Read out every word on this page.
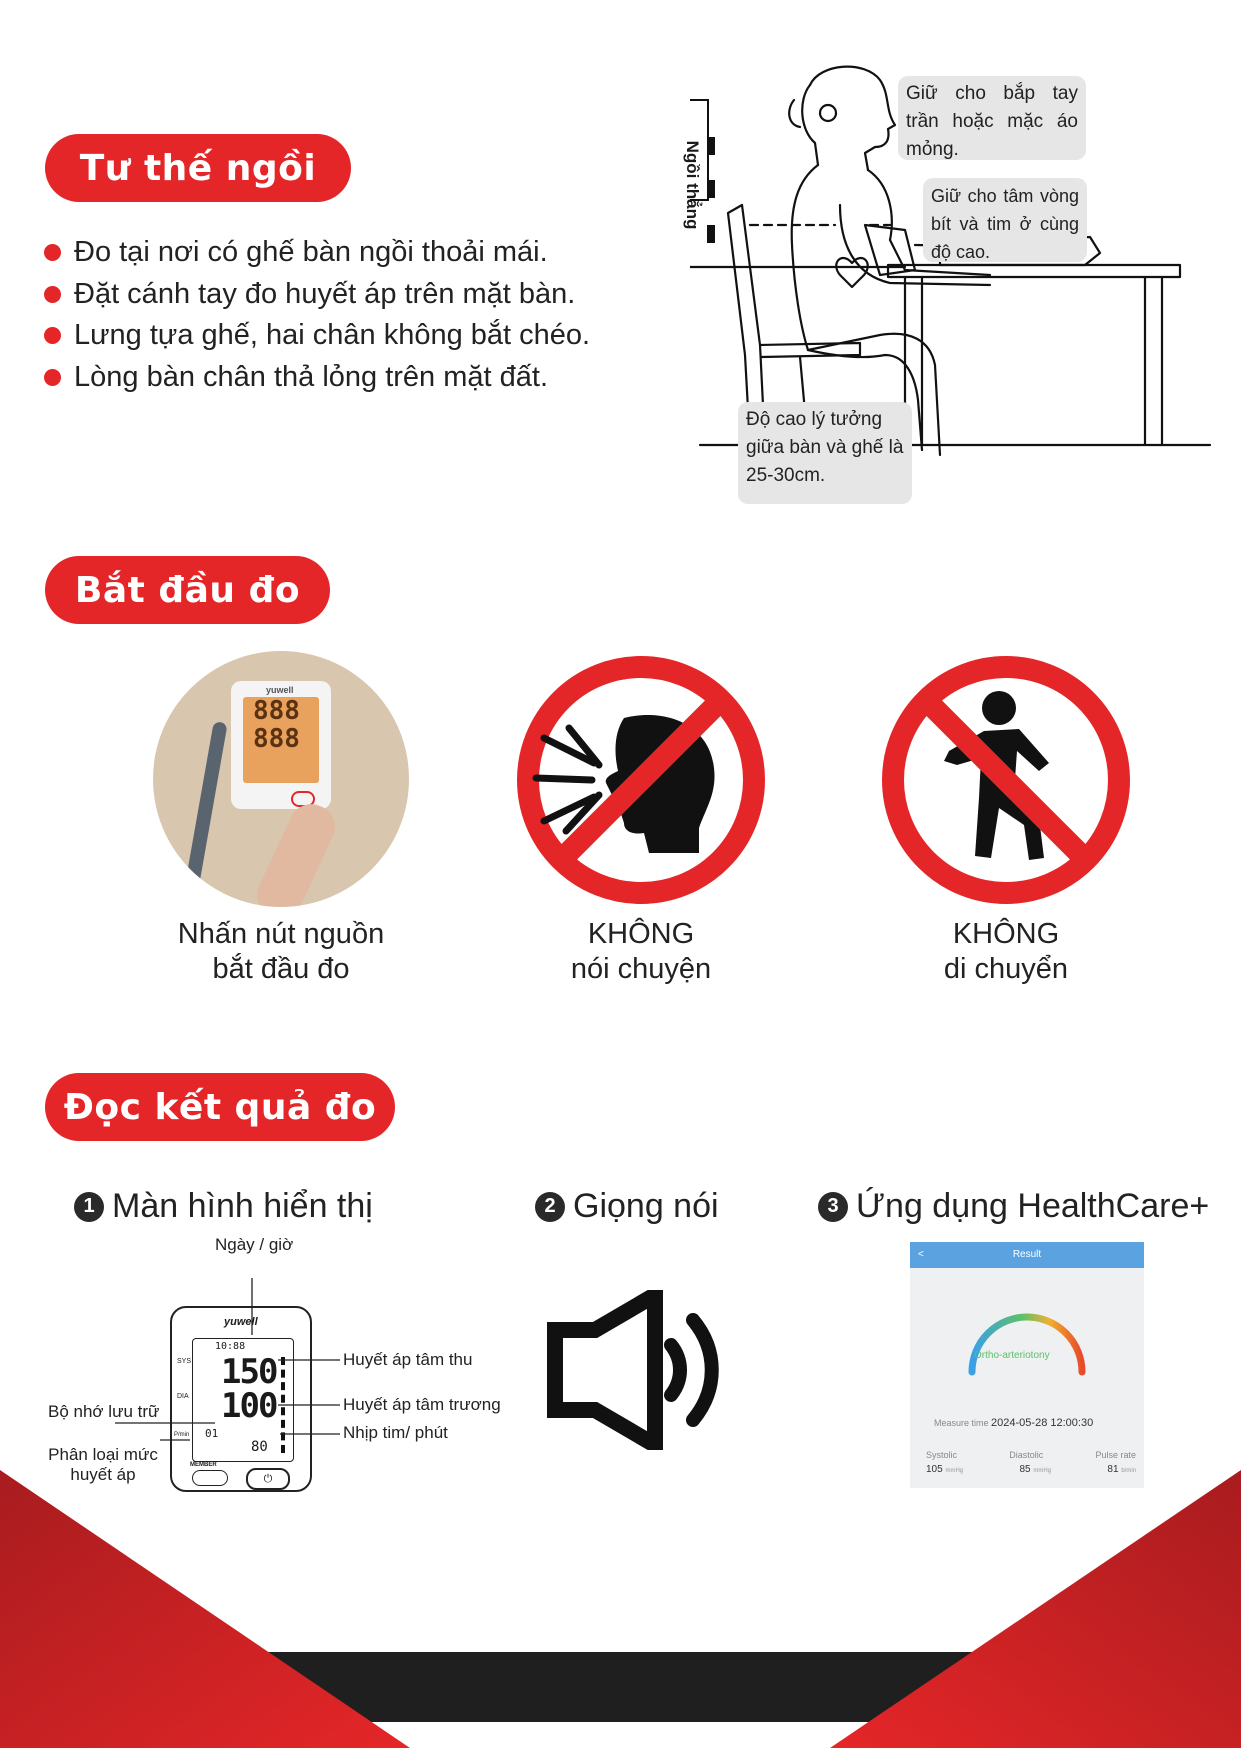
Tư thế ngồi
Đo tại nơi có ghế bàn ngồi thoải mái.
Đặt cánh tay đo huyết áp trên mặt bàn.
Lưng tựa ghế, hai chân không bắt chéo.
Lòng bàn chân thả lỏng trên mặt đất.
Ngồi thẳng
Giữ cho bắp tay trần hoặc mặc áo mỏng.
Giữ cho tâm vòng bít và tim ở cùng độ cao.
Độ cao lý tưởng giữa bàn và ghế là 25-30cm.
Bắt đầu đo
yuwell
888
888
Nhấn nút nguồn
bắt đầu đo
KHÔNG
nói chuyện
KHÔNG
di chuyển
Đọc kết quả đo
1 Màn hình hiển thị	2 Giọng nói	3 Ứng dụng HealthCare+
yuwell
10:88
150
100
01
80
SYS
DIA
P/min
MEMBER
⏻
Ngày / giờ
Huyết áp tâm thu
Huyết áp tâm trương
Nhịp tim/ phút
Bộ nhớ lưu trữ
Phân loại mức
huyết áp
<	Result
Ortho-arteriotony
Measure time 2024-05-28 12:00:30
Systolic	Diastolic	Pulse rate
105 mmHg	85 mmHg	81 b/min
